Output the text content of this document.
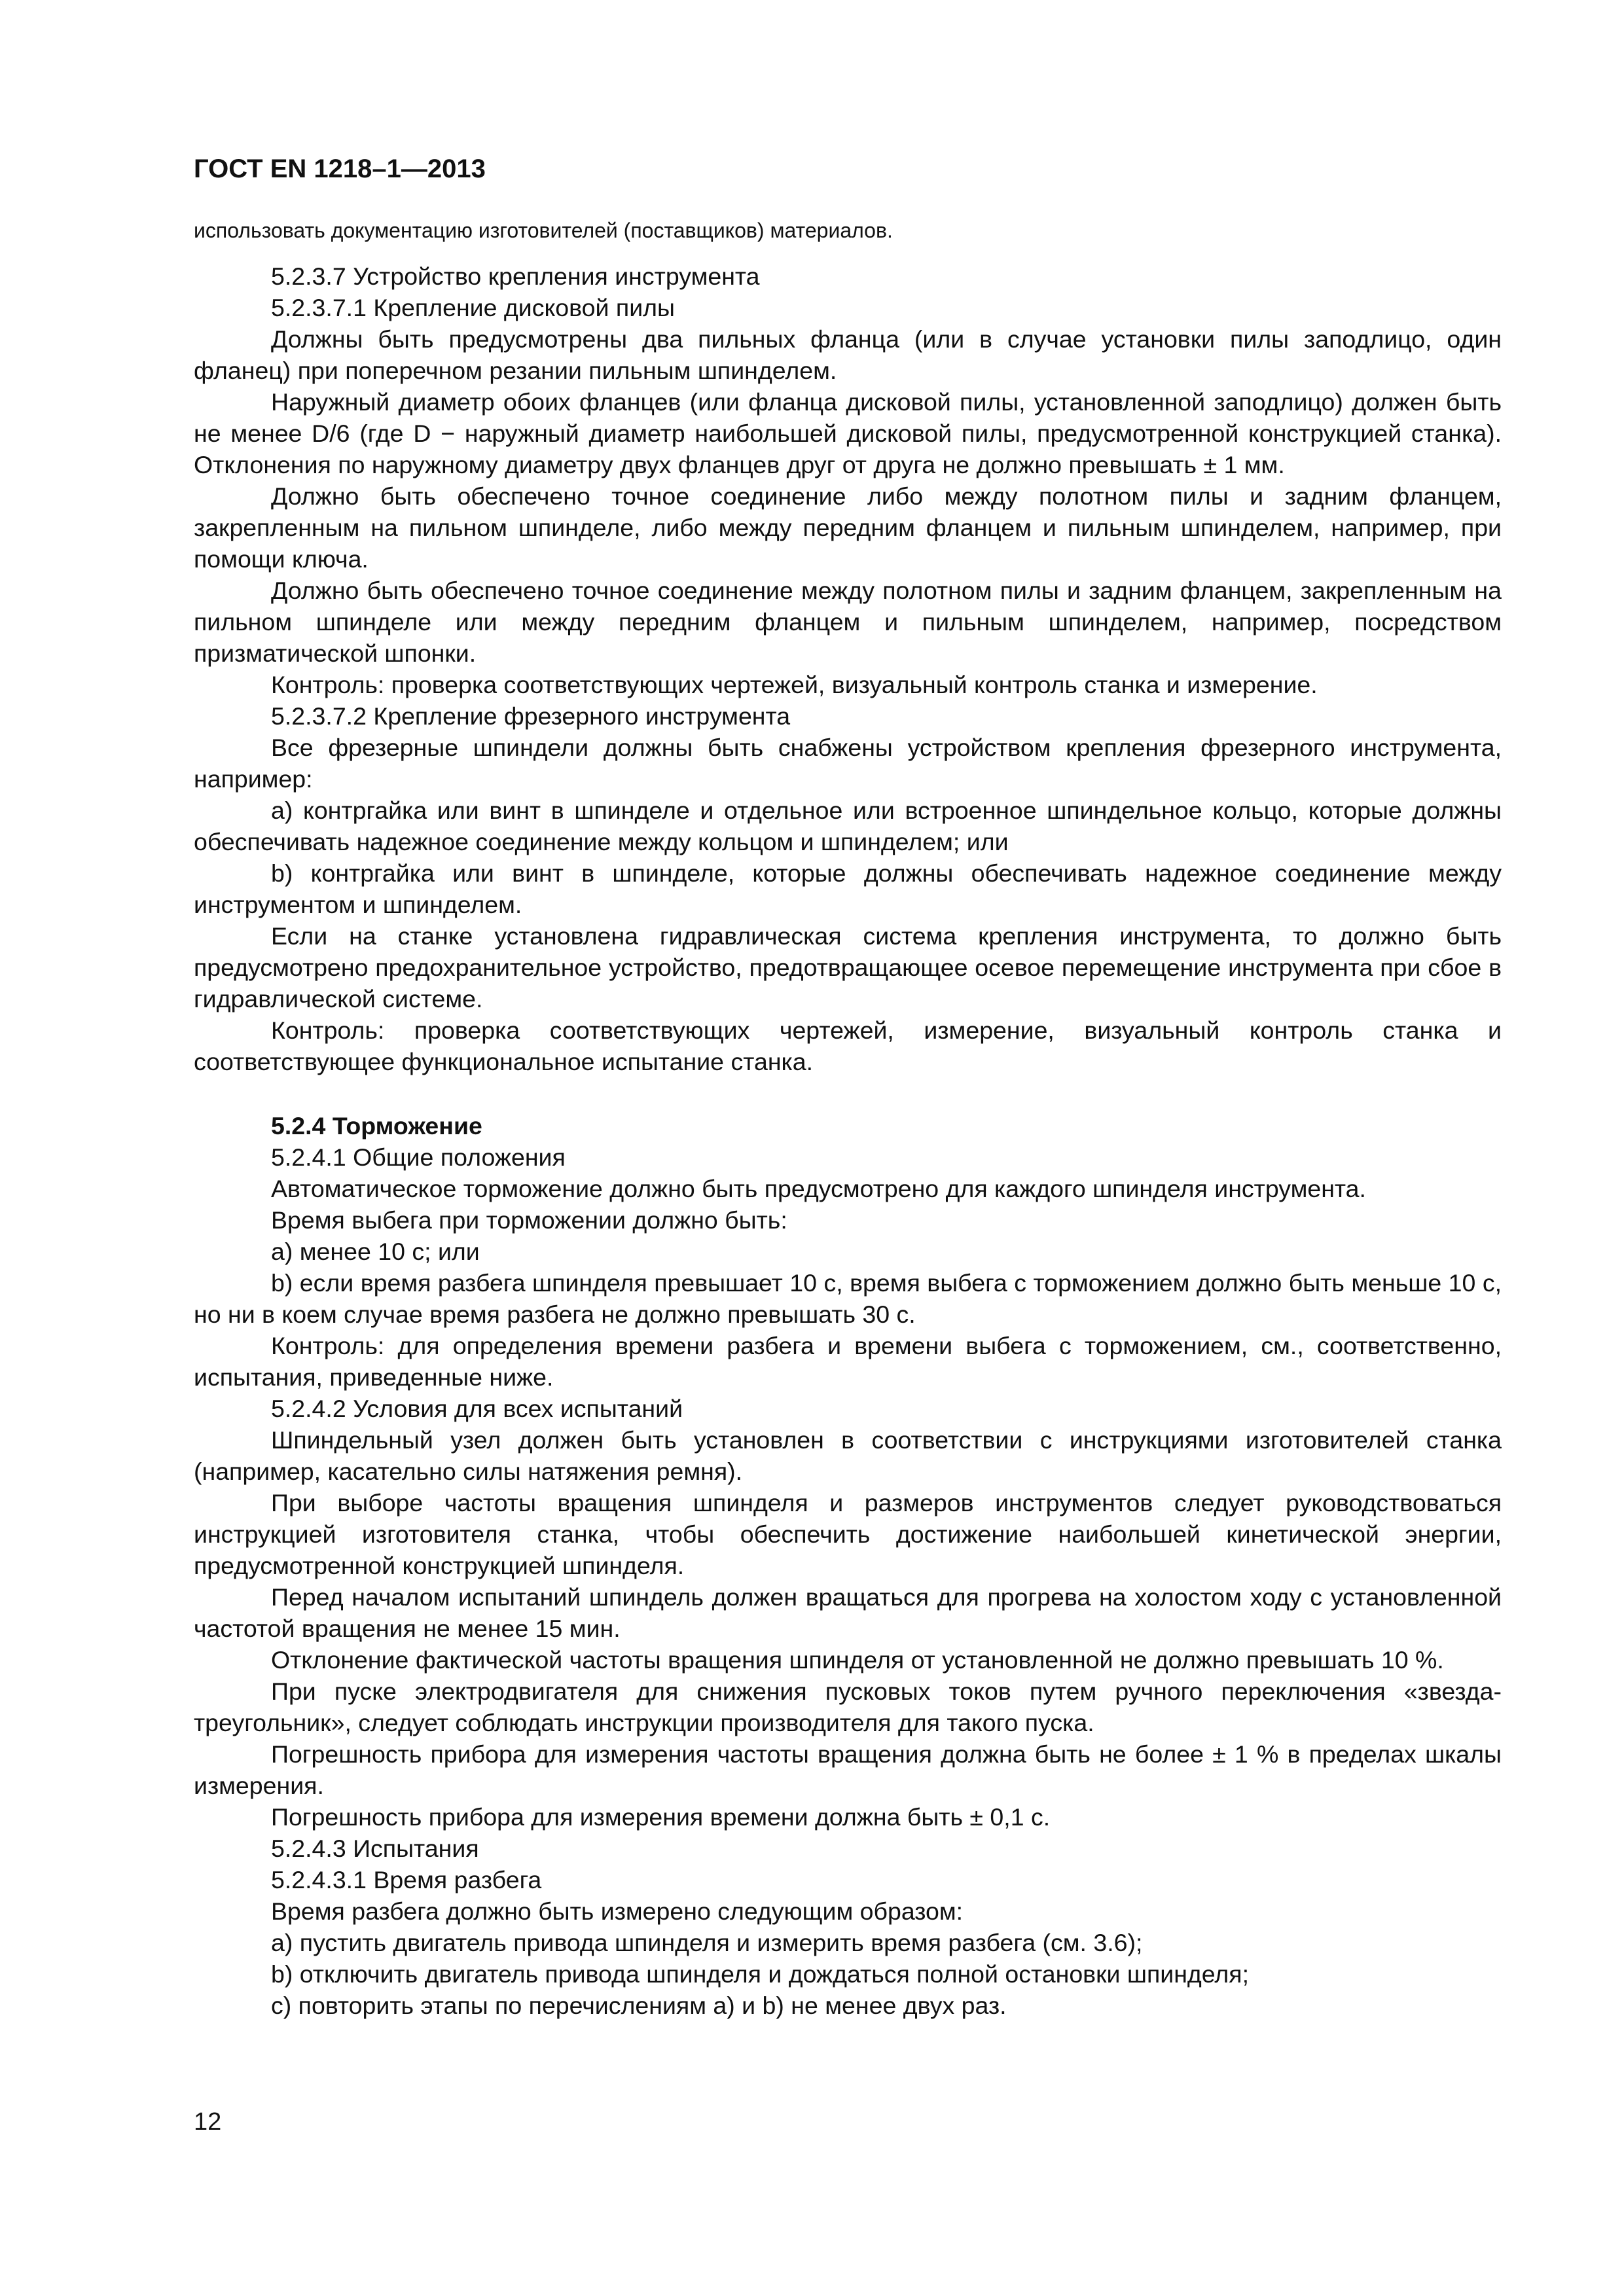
ГОСТ EN 1218–1—2013
использовать документацию изготовителей (поставщиков) материалов.

5.2.3.7 Устройство крепления инструмента

5.2.3.7.1 Крепление дисковой пилы

Должны быть предусмотрены два пильных фланца (или в случае установки пилы заподлицо, один фланец) при поперечном резании пильным шпинделем.

Наружный диаметр обоих фланцев (или фланца дисковой пилы, установленной заподлицо) должен быть не менее D/6 (где D − наружный диаметр наибольшей дисковой пилы, предусмотренной конструкцией станка). Отклонения по наружному диаметру двух фланцев друг от друга не должно превышать ± 1 мм.

Должно быть обеспечено точное соединение либо между полотном пилы и задним фланцем, закрепленным на пильном шпинделе, либо между передним фланцем и пильным шпинделем, например, при помощи ключа.

Должно быть обеспечено точное соединение между полотном пилы и задним фланцем, закрепленным на пильном шпинделе или между передним фланцем и пильным шпинделем, например, посредством призматической шпонки.

Контроль: проверка соответствующих чертежей, визуальный контроль станка и измерение.

5.2.3.7.2 Крепление фрезерного инструмента

Все фрезерные шпиндели должны быть снабжены устройством крепления фрезерного инструмента, например:

a) контргайка или винт в шпинделе и отдельное или встроенное шпиндельное кольцо, которые должны обеспечивать надежное соединение между кольцом и шпинделем; или

b) контргайка или винт в шпинделе, которые должны обеспечивать надежное соединение между инструментом и шпинделем.

Если на станке установлена гидравлическая система крепления инструмента, то должно быть предусмотрено предохранительное устройство, предотвращающее осевое перемещение инструмента при сбое в гидравлической системе.

Контроль: проверка соответствующих чертежей, измерение, визуальный контроль станка и соответствующее функциональное испытание станка.

5.2.4 Торможение

5.2.4.1 Общие положения

Автоматическое торможение должно быть предусмотрено для каждого шпинделя инструмента.

Время выбега при торможении должно быть:

a) менее 10 с; или

b) если время разбега шпинделя превышает 10 с, время выбега с торможением должно быть меньше 10 с, но ни в коем случае время разбега не должно превышать 30 с.

Контроль: для определения времени разбега и времени выбега с торможением, см., соответственно, испытания, приведенные ниже.

5.2.4.2 Условия для всех испытаний

Шпиндельный узел должен быть установлен в соответствии с инструкциями изготовителей станка (например, касательно силы натяжения ремня).

При выборе частоты вращения шпинделя и размеров инструментов следует руководствоваться инструкцией изготовителя станка, чтобы обеспечить достижение наибольшей кинетической энергии, предусмотренной конструкцией шпинделя.

Перед началом испытаний шпиндель должен вращаться для прогрева на холостом ходу с установленной частотой вращения не менее 15 мин.

Отклонение фактической частоты вращения шпинделя от установленной не должно превышать 10 %.

При пуске электродвигателя для снижения пусковых токов путем ручного переключения «звезда-треугольник», следует соблюдать инструкции производителя для такого пуска.

Погрешность прибора для измерения частоты вращения должна быть не более ± 1 % в пределах шкалы измерения.

Погрешность прибора для измерения времени должна быть ± 0,1 с.

5.2.4.3 Испытания

5.2.4.3.1 Время разбега

Время разбега должно быть измерено следующим образом:

a) пустить двигатель привода шпинделя и измерить время разбега (см. 3.6);

b) отключить двигатель привода шпинделя и дождаться полной остановки шпинделя;

c) повторить этапы по перечислениям a) и b) не менее двух раз.

12
